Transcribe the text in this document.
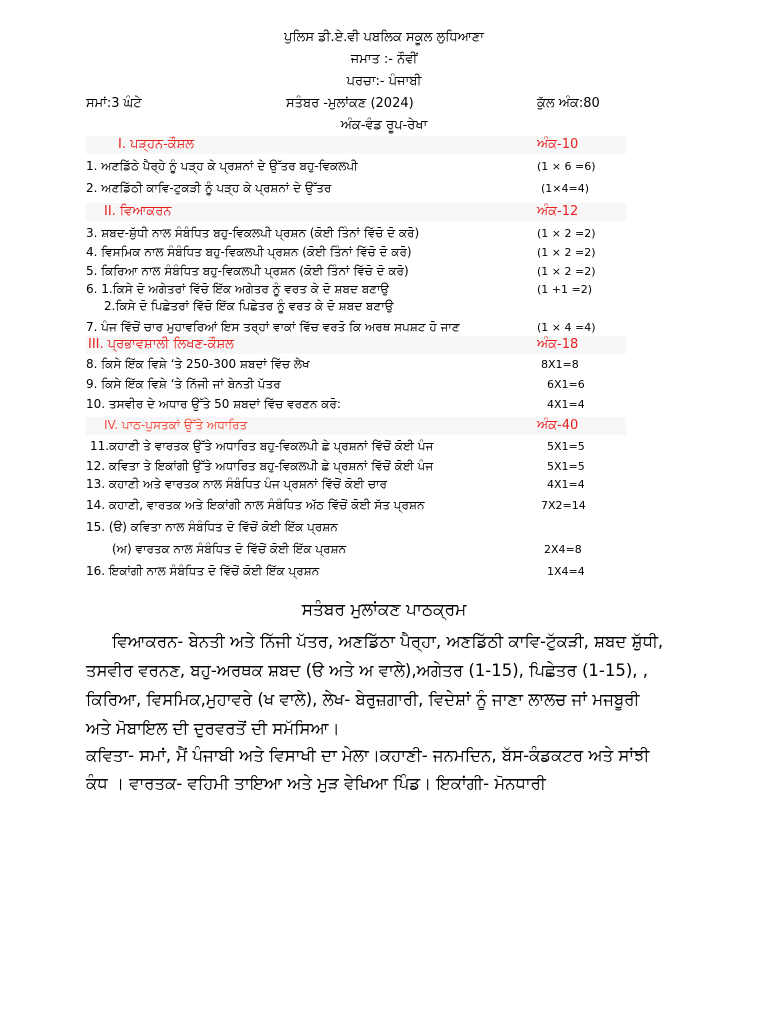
ਪੁਲਿਸ ਡੀ.ਏ.ਵੀ ਪਬਲਿਕ ਸਕੂਲ ਲੁਧਿਆਣਾ
ਜਮਾਤ :- ਨੌਵੀਂ
ਪਰਚਾ:- ਪੰਜਾਬੀ
ਸਮਾਂ:3 ਘੰਟੇ	ਸਤੰਬਰ -ਮੁਲਾਂਕਣ (2024)	ਕੁੱਲ ਅੰਕ:80
ਅੰਕ-ਵੰਡ ਰੂਪ-ਰੇਖਾ
I. ਪੜ੍ਹਨ-ਕੌਸ਼ਲ	ਅੰਕ-10
1. ਅਣਡਿੱਠੇ ਪੈਰ੍ਹੇ ਨੂੰ ਪੜ੍ਹ ਕੇ ਪ੍ਰਸ਼ਨਾਂ ਦੇ ਉੱਤਰ ਬਹੁ-ਵਿਕਲਪੀ	(1 × 6 =6)
2. ਅਣਡਿੱਠੀ ਕਾਵਿ-ਟੁਕੜੀ ਨੂੰ ਪੜ੍ਹ ਕੇ ਪ੍ਰਸ਼ਨਾਂ ਦੇ ਉੱਤਰ	(1×4=4)
II. ਵਿਆਕਰਨ	ਅੰਕ-12
3. ਸ਼ਬਦ-ਸ਼ੁੱਧੀ ਨਾਲ ਸੰਬੰਧਿਤ ਬਹੁ-ਵਿਕਲਪੀ ਪ੍ਰਸ਼ਨ (ਕੋਈ ਤਿੰਨਾਂ ਵਿੱਚੋ ਦੋ ਕਰੋ)	(1 × 2 =2)
4. ਵਿਸਮਿਕ ਨਾਲ ਸੰਬੰਧਿਤ ਬਹੁ-ਵਿਕਲਪੀ ਪ੍ਰਸ਼ਨ (ਕੋਈ ਤਿੰਨਾਂ ਵਿੱਚੋ ਦੋ ਕਰੋ)	(1 × 2 =2)
5. ਕਿਰਿਆ ਨਾਲ ਸੰਬੰਧਿਤ ਬਹੁ-ਵਿਕਲਪੀ ਪ੍ਰਸ਼ਨ (ਕੋਈ ਤਿੰਨਾਂ ਵਿੱਚੋ ਦੋ ਕਰੋ)	(1 × 2 =2)
6. 1.ਕਿਸੇ ਦੋ ਅਗੇਤਰਾਂ ਵਿੱਚੋ ਇੱਕ ਅਗੇਤਰ ਨੂੰ ਵਰਤ ਕੇ ਦੋ ਸ਼ਬਦ ਬਣਾਉ	(1 +1 =2)
2.ਕਿਸੇ ਦੋ ਪਿਛੇਤਰਾਂ ਵਿੱਚੋ ਇੱਕ ਪਿਛੇਤਰ ਨੂੰ ਵਰਤ ਕੇ ਦੋ ਸ਼ਬਦ ਬਣਾਉ
7. ਪੰਜ ਵਿੱਚੋਂ ਚਾਰ ਮੁਹਾਵਰਿਆਂ ਇਸ ਤਰ੍ਹਾਂ ਵਾਕਾਂ ਵਿੱਚ ਵਰਤੋ ਕਿ ਅਰਥ ਸਪਸ਼ਟ ਹੋ ਜਾਣ	(1 × 4 =4)
III. ਪ੍ਰਭਾਵਸ਼ਾਲੀ ਲਿਖਣ-ਕੌਸ਼ਲ	ਅੰਕ-18
8. ਕਿਸੇ ਇੱਕ ਵਿਸ਼ੇ ‘ਤੇ 250-300 ਸ਼ਬਦਾਂ ਵਿੱਚ ਲੇਖ	8X1=8
9. ਕਿਸੇ ਇੱਕ ਵਿਸ਼ੇ ‘ਤੇ ਨਿੱਜੀ ਜਾਂ ਬੇਨਤੀ ਪੱਤਰ	6X1=6
10. ਤਸਵੀਰ ਦੇ ਅਧਾਰ ਉੱਤੇ 50 ਸ਼ਬਦਾਂ ਵਿੱਚ ਵਰਣਨ ਕਰੋ:	4X1=4
IV. ਪਾਠ-ਪੁਸਤਕਾਂ ਉੱਤੇ ਅਧਾਰਿਤ	ਅੰਕ-40
11.ਕਹਾਣੀ ਤੇ ਵਾਰਤਕ ਉੱਤੇ ਅਧਾਰਿਤ ਬਹੁ-ਵਿਕਲਪੀ ਛੇ ਪ੍ਰਸ਼ਨਾਂ ਵਿੱਚੋਂ ਕੋਈ ਪੰਜ	5X1=5
12. ਕਵਿਤਾ ਤੇ ਇਕਾਂਗੀ ਉੱਤੇ ਅਧਾਰਿਤ ਬਹੁ-ਵਿਕਲਪੀ ਛੇ ਪ੍ਰਸ਼ਨਾਂ ਵਿੱਚੋਂ ਕੋਈ ਪੰਜ	5X1=5
13. ਕਹਾਣੀ ਅਤੇ ਵਾਰਤਕ ਨਾਲ ਸੰਬੰਧਿਤ ਪੰਜ ਪ੍ਰਸ਼ਨਾਂ ਵਿੱਚੋਂ ਕੋਈ ਚਾਰ	4X1=4
14. ਕਹਾਣੀ, ਵਾਰਤਕ ਅਤੇ ਇਕਾਂਗੀ ਨਾਲ ਸੰਬੰਧਿਤ ਅੱਠ ਵਿੱਚੋਂ ਕੋਈ ਸੱਤ ਪ੍ਰਸ਼ਨ	7X2=14
15. (ੳ) ਕਵਿਤਾ ਨਾਲ ਸੰਬੰਧਿਤ ਦੋ ਵਿੱਚੋਂ ਕੋਈ ਇੱਕ ਪ੍ਰਸ਼ਨ
(ਅ) ਵਾਰਤਕ ਨਾਲ ਸੰਬੰਧਿਤ ਦੋ ਵਿੱਚੋਂ ਕੋਈ ਇੱਕ ਪ੍ਰਸ਼ਨ	2X4=8
16. ਇਕਾਂਗੀ ਨਾਲ ਸੰਬੰਧਿਤ ਦੋ ਵਿੱਚੋਂ ਕੋਈ ਇੱਕ ਪ੍ਰਸ਼ਨ	1X4=4
ਸਤੰਬਰ ਮੁਲਾਂਕਣ ਪਾਠਕ੍ਰਮ
ਵਿਆਕਰਨ- ਬੇਨਤੀ ਅਤੇ ਨਿੱਜੀ ਪੱਤਰ, ਅਣਡਿੱਠਾ ਪੈਰ੍ਹਾ, ਅਣਡਿੱਠੀ ਕਾਵਿ-ਟੁੱਕੜੀ, ਸ਼ਬਦ ਸ਼ੁੱਧੀ,
ਤਸਵੀਰ ਵਰਨਣ, ਬਹੁ-ਅਰਥਕ ਸ਼ਬਦ (ੳ ਅਤੇ ਅ ਵਾਲੇ),ਅਗੇਤਰ (1-15), ਪਿਛੇਤਰ (1-15), ,
ਕਿਰਿਆ, ਵਿਸਮਿਕ,ਮੁਹਾਵਰੇ (ਖ ਵਾਲੇ), ਲੇਖ- ਬੇਰੁਜ਼ਗਾਰੀ, ਵਿਦੇਸ਼ਾਂ ਨੂੰ ਜਾਣਾ ਲਾਲਚ ਜਾਂ ਮਜਬੂਰੀ
ਅਤੇ ਮੋਬਾਇਲ ਦੀ ਦੁਰਵਰਤੋਂ ਦੀ ਸਮੱਸਿਆ।
ਕਵਿਤਾ- ਸਮਾਂ, ਮੈਂ ਪੰਜਾਬੀ ਅਤੇ ਵਿਸਾਖੀ ਦਾ ਮੇਲਾ।ਕਹਾਣੀ- ਜਨਮਦਿਨ, ਬੱਸ-ਕੰਡਕਟਰ ਅਤੇ ਸਾਂਝੀ
ਕੰਧ । ਵਾਰਤਕ- ਵਹਿਮੀ ਤਾਇਆ ਅਤੇ ਮੁੜ ਵੇਖਿਆ ਪਿੰਡ। ਇਕਾਂਗੀ- ਮੋਨਧਾਰੀ
